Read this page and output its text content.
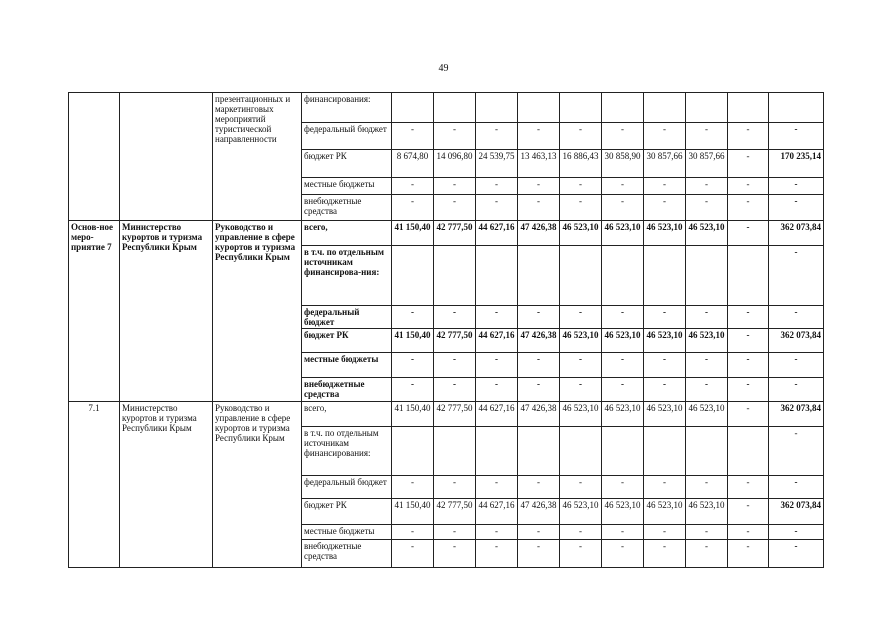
49
		презентационных и маркетинговых мероприятий туристической направленности	финансирования:										
			федеральный бюджет	-	-	-	-	-	-	-	-	-	-
			бюджет РК	8 674,80	14 096,80	24 539,75	13 463,13	16 886,43	30 858,90	30 857,66	30 857,66	-	170 235,14
			местные бюджеты	-	-	-	-	-	-	-	-	-	-
			внебюджетные средства	-	-	-	-	-	-	-	-	-	-
Основ-ное меро-приятие 7	Министерство курортов и туризма Республики Крым	Руководство и управление в сфере курортов и туризма Республики Крым	всего,	41 150,40	42 777,50	44 627,16	47 426,38	46 523,10	46 523,10	46 523,10	46 523,10	-	362 073,84
			в т.ч. по отдельным источникам финансирова-ния:										-
			федеральный бюджет	-	-	-	-	-	-	-	-	-	-
			бюджет РК	41 150,40	42 777,50	44 627,16	47 426,38	46 523,10	46 523,10	46 523,10	46 523,10	-	362 073,84
			местные бюджеты	-	-	-	-	-	-	-	-	-	-
			внебюджетные средства	-	-	-	-	-	-	-	-	-	-
7.1	Министерство курортов и туризма Республики Крым	Руководство и управление в сфере курортов и туризма Республики Крым	всего,	41 150,40	42 777,50	44 627,16	47 426,38	46 523,10	46 523,10	46 523,10	46 523,10	-	362 073,84
			в т.ч. по отдельным источникам финансирования:										-
			федеральный бюджет	-	-	-	-	-	-	-	-	-	-
			бюджет РК	41 150,40	42 777,50	44 627,16	47 426,38	46 523,10	46 523,10	46 523,10	46 523,10	-	362 073,84
			местные бюджеты	-	-	-	-	-	-	-	-	-	-
			внебюджетные средства	-	-	-	-	-	-	-	-	-	-
